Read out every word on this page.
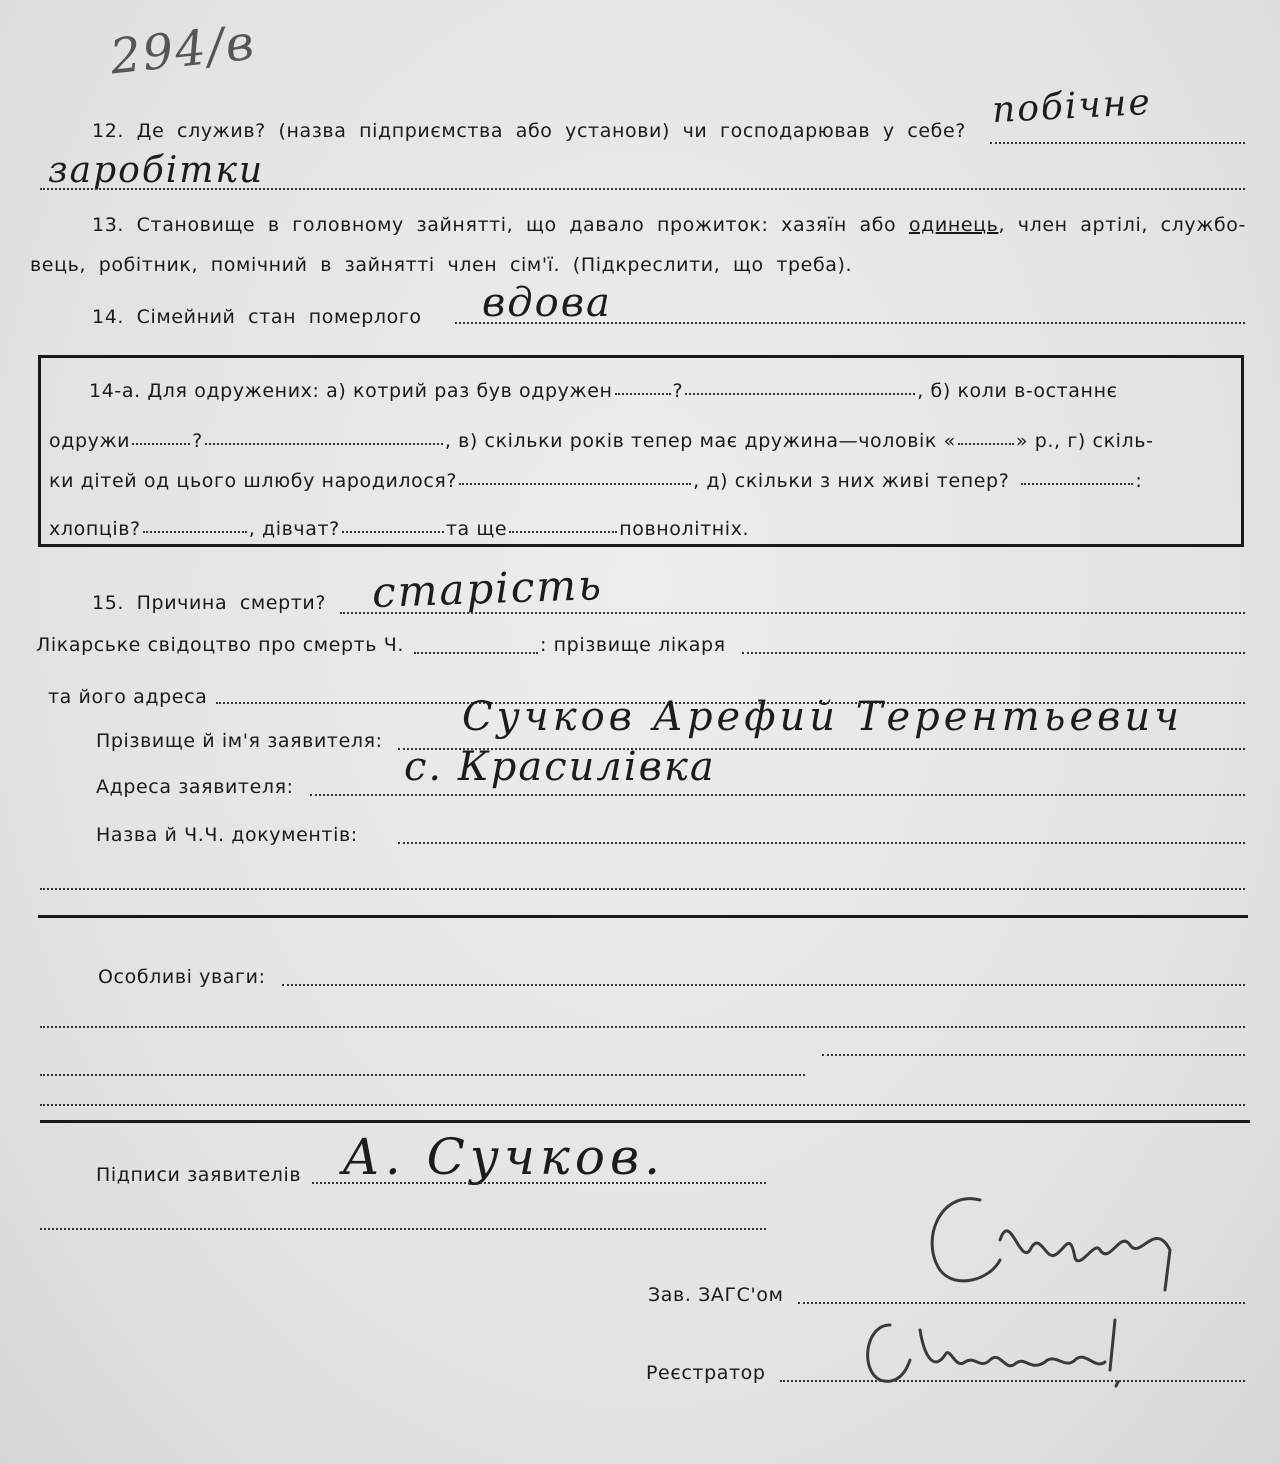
294/в
12. Де служив? (назва підприємства або установи) чи господарював у себе? побічне
заробітки
13. Становище в головному зайнятті, що давало прожиток: хазяїн або одинець, член артілі, службо-
вець, робітник, помічний в зайнятті член сім'ї. (Підкреслити, що треба).
14. Сімейний стан померлого вдова
14-а. Для одружених: а) котрий раз був одружен	?	, б) коли в-останнє
одружи	?	, в) скільки років тепер має дружина—чоловік «	» р., г) скіль-
ки дітей од цього шлюбу народилося?	, д) скільки з них живі тепер?	:
хлопців?	, дівчат?	та ще	повнолітніх.
15. Причина смерти? старість
Лікарське свідоцтво про смерть Ч.	: прізвище лікаря
та його адреса
Прізвище й ім'я заявителя:
Сучков Арефий Терентьевич
Адреса заявителя:	с. Красилівка
Назва й Ч.Ч. документів:
Особливі уваги:
Підписи заявителів А. Сучков.
Зав. ЗАГС'ом
Реєстратор
